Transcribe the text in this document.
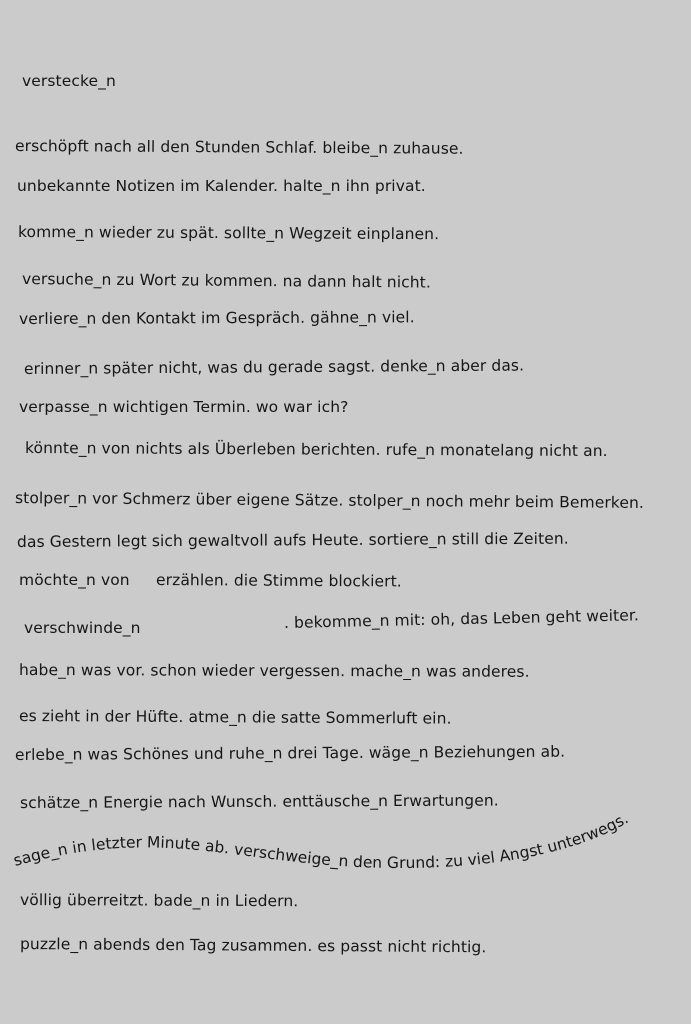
verstecke_n
erschöpft nach all den Stunden Schlaf. bleibe_n zuhause.
unbekannte Notizen im Kalender. halte_n ihn privat.
komme_n wieder zu spät. sollte_n Wegzeit einplanen.
versuche_n zu Wort zu kommen. na dann halt nicht.
verliere_n den Kontakt im Gespräch. gähne_n viel.
erinner_n später nicht, was du gerade sagst. denke_n aber das.
verpasse_n wichtigen Termin. wo war ich?
könnte_n von nichts als Überleben berichten. rufe_n monatelang nicht an.
stolper_n vor Schmerz über eigene Sätze. stolper_n noch mehr beim Bemerken.
das Gestern legt sich gewaltvoll aufs Heute. sortiere_n still die Zeiten.
möchte_n von erzählen. die Stimme blockiert.
verschwinde_n	. bekomme_n mit: oh, das Leben geht weiter.
habe_n was vor. schon wieder vergessen. mache_n was anderes.
es zieht in der Hüfte. atme_n die satte Sommerluft ein.
erlebe_n was Schönes und ruhe_n drei Tage. wäge_n Beziehungen ab.
schätze_n Energie nach Wunsch. enttäusche_n Erwartungen.
sage_n in letzter Minute ab. verschweige_n den Grund: zu viel Angst unterwegs.
völlig überreitzt. bade_n in Liedern.
puzzle_n abends den Tag zusammen. es passt nicht richtig.
